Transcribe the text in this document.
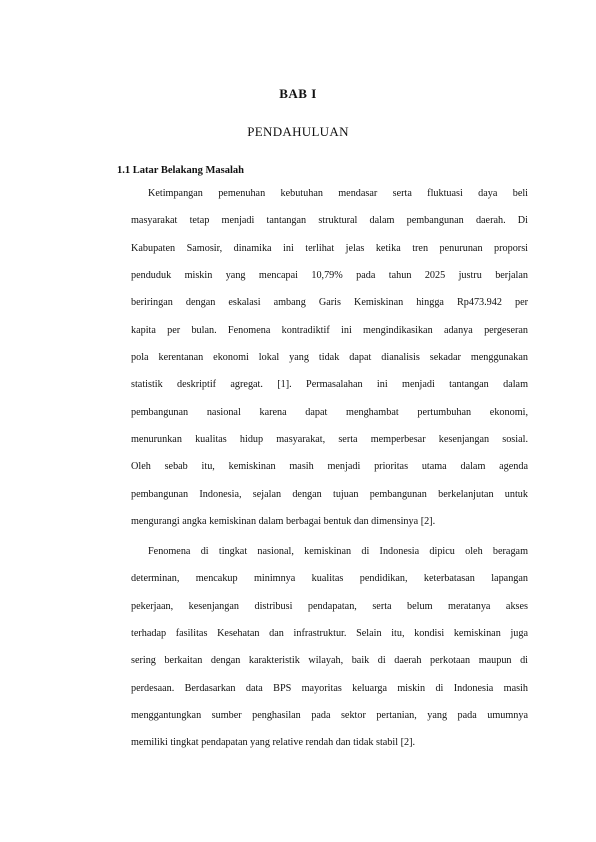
BAB I
PENDAHULUAN
1.1 Latar Belakang Masalah
Ketimpangan pemenuhan kebutuhan mendasar serta fluktuasi daya beli
masyarakat tetap menjadi tantangan struktural dalam pembangunan daerah. Di
Kabupaten Samosir, dinamika ini terlihat jelas ketika tren penurunan proporsi
penduduk miskin yang mencapai 10,79% pada tahun 2025 justru berjalan
beriringan dengan eskalasi ambang Garis Kemiskinan hingga Rp473.942 per
kapita per bulan. Fenomena kontradiktif ini mengindikasikan adanya pergeseran
pola kerentanan ekonomi lokal yang tidak dapat dianalisis sekadar menggunakan
statistik deskriptif agregat. [1]. Permasalahan ini menjadi tantangan dalam
pembangunan nasional karena dapat menghambat pertumbuhan ekonomi,
menurunkan kualitas hidup masyarakat, serta memperbesar kesenjangan sosial.
Oleh sebab itu, kemiskinan masih menjadi prioritas utama dalam agenda
pembangunan Indonesia, sejalan dengan tujuan pembangunan berkelanjutan untuk
mengurangi angka kemiskinan dalam berbagai bentuk dan dimensinya [2].
Fenomena di tingkat nasional, kemiskinan di Indonesia dipicu oleh beragam
determinan, mencakup minimnya kualitas pendidikan, keterbatasan lapangan
pekerjaan, kesenjangan distribusi pendapatan, serta belum meratanya akses
terhadap fasilitas Kesehatan dan infrastruktur. Selain itu, kondisi kemiskinan juga
sering berkaitan dengan karakteristik wilayah, baik di daerah perkotaan maupun di
perdesaan. Berdasarkan data BPS mayoritas keluarga miskin di Indonesia masih
menggantungkan sumber penghasilan pada sektor pertanian, yang pada umumnya
memiliki tingkat pendapatan yang relative rendah dan tidak stabil [2].
